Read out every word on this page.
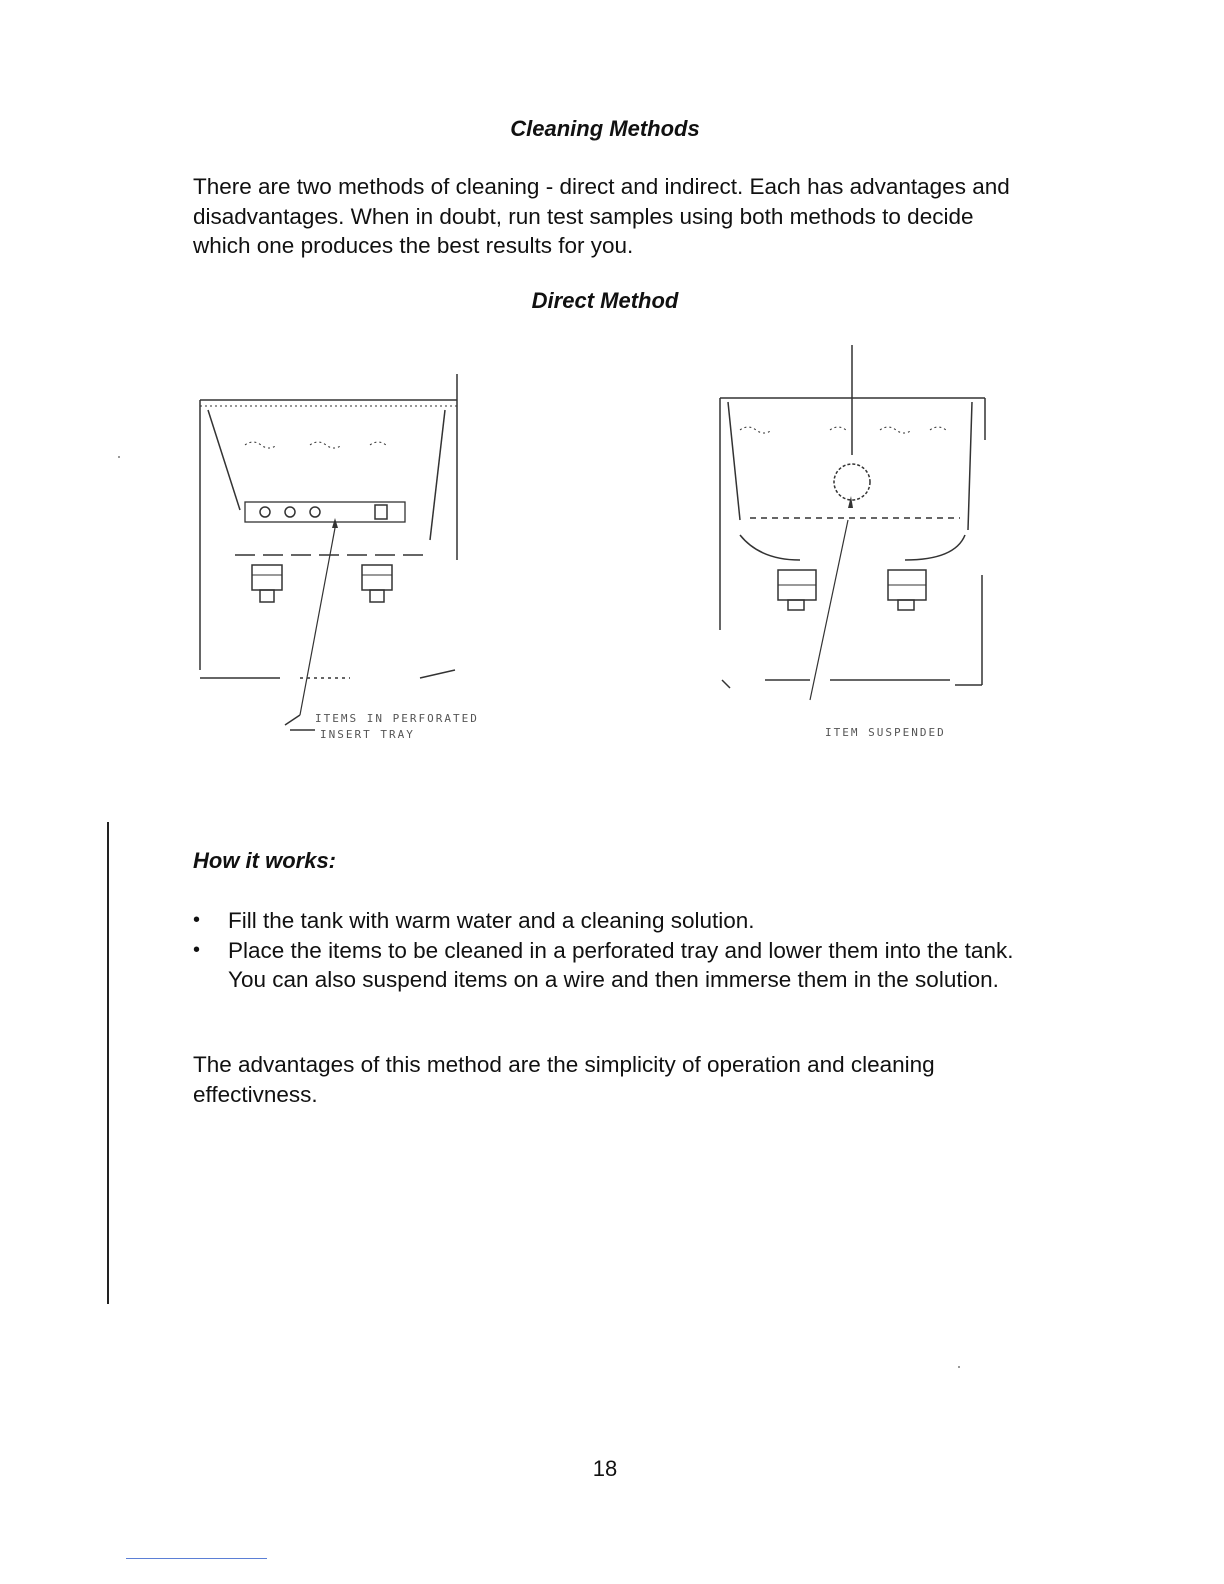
Cleaning Methods
There are two methods of cleaning - direct and indirect. Each has advantages and disadvantages. When in doubt, run test samples using both methods to decide which one produces the best results for you.
Direct Method
ITEMS IN PERFORATED
INSERT TRAY	ITEM SUSPENDED
How it works:
• Fill the tank with warm water and a cleaning solution.
• Place the items to be cleaned in a perforated tray and lower them into the tank. You can also suspend items on a wire and then immerse them in the solution.
The advantages of this method are the simplicity of operation and cleaning effectivness.
18
